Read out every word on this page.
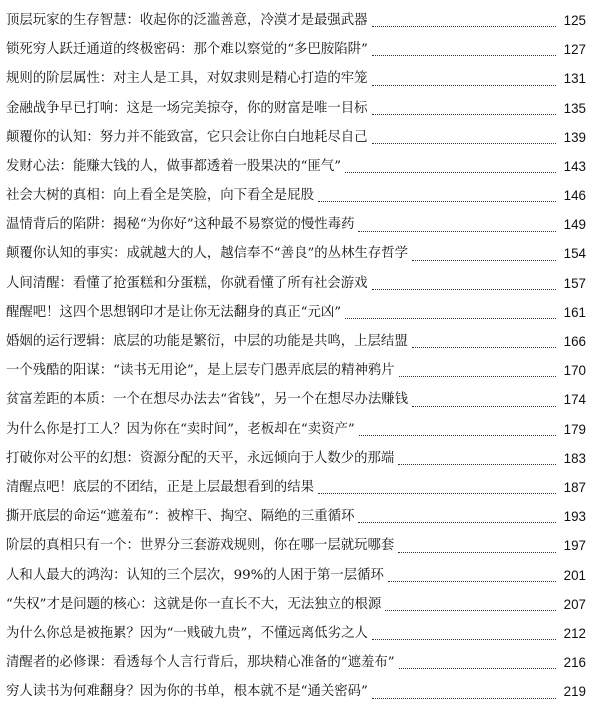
顶层玩家的生存智慧：收起你的泛滥善意，冷漠才是最强武器	125
锁死穷人跃迁通道的终极密码：那个难以察觉的“多巴胺陷阱”	127
规则的阶层属性：对主人是工具，对奴隶则是精心打造的牢笼	131
金融战争早已打响：这是一场完美掠夺，你的财富是唯一目标	135
颠覆你的认知：努力并不能致富，它只会让你白白地耗尽自己	139
发财心法：能赚大钱的人，做事都透着一股果决的“匪气”	143
社会大树的真相：向上看全是笑脸，向下看全是屁股	146
温情背后的陷阱：揭秘“为你好”这种最不易察觉的慢性毒药	149
颠覆你认知的事实：成就越大的人，越信奉不“善良”的丛林生存哲学	154
人间清醒：看懂了抢蛋糕和分蛋糕，你就看懂了所有社会游戏	157
醒醒吧！这四个思想钢印才是让你无法翻身的真正“元凶”	161
婚姻的运行逻辑：底层的功能是繁衍，中层的功能是共鸣，上层结盟	166
一个残酷的阳谋：“读书无用论”，是上层专门愚弄底层的精神鸦片	170
贫富差距的本质：一个在想尽办法去“省钱”，另一个在想尽办法赚钱	174
为什么你是打工人？因为你在“卖时间”，老板却在“卖资产”	179
打破你对公平的幻想：资源分配的天平，永远倾向于人数少的那端	183
清醒点吧！底层的不团结，正是上层最想看到的结果	187
撕开底层的命运“遮羞布”：被榨干、掏空、隔绝的三重循环	193
阶层的真相只有一个：世界分三套游戏规则，你在哪一层就玩哪套	197
人和人最大的鸿沟：认知的三个层次，99%的人困于第一层循环	201
“失权”才是问题的核心：这就是你一直长不大，无法独立的根源	207
为什么你总是被拖累？因为“一贱破九贵”，不懂远离低劣之人	212
清醒者的必修课：看透每个人言行背后，那块精心准备的“遮羞布”	216
穷人读书为何难翻身？因为你的书单，根本就不是“通关密码”	219
